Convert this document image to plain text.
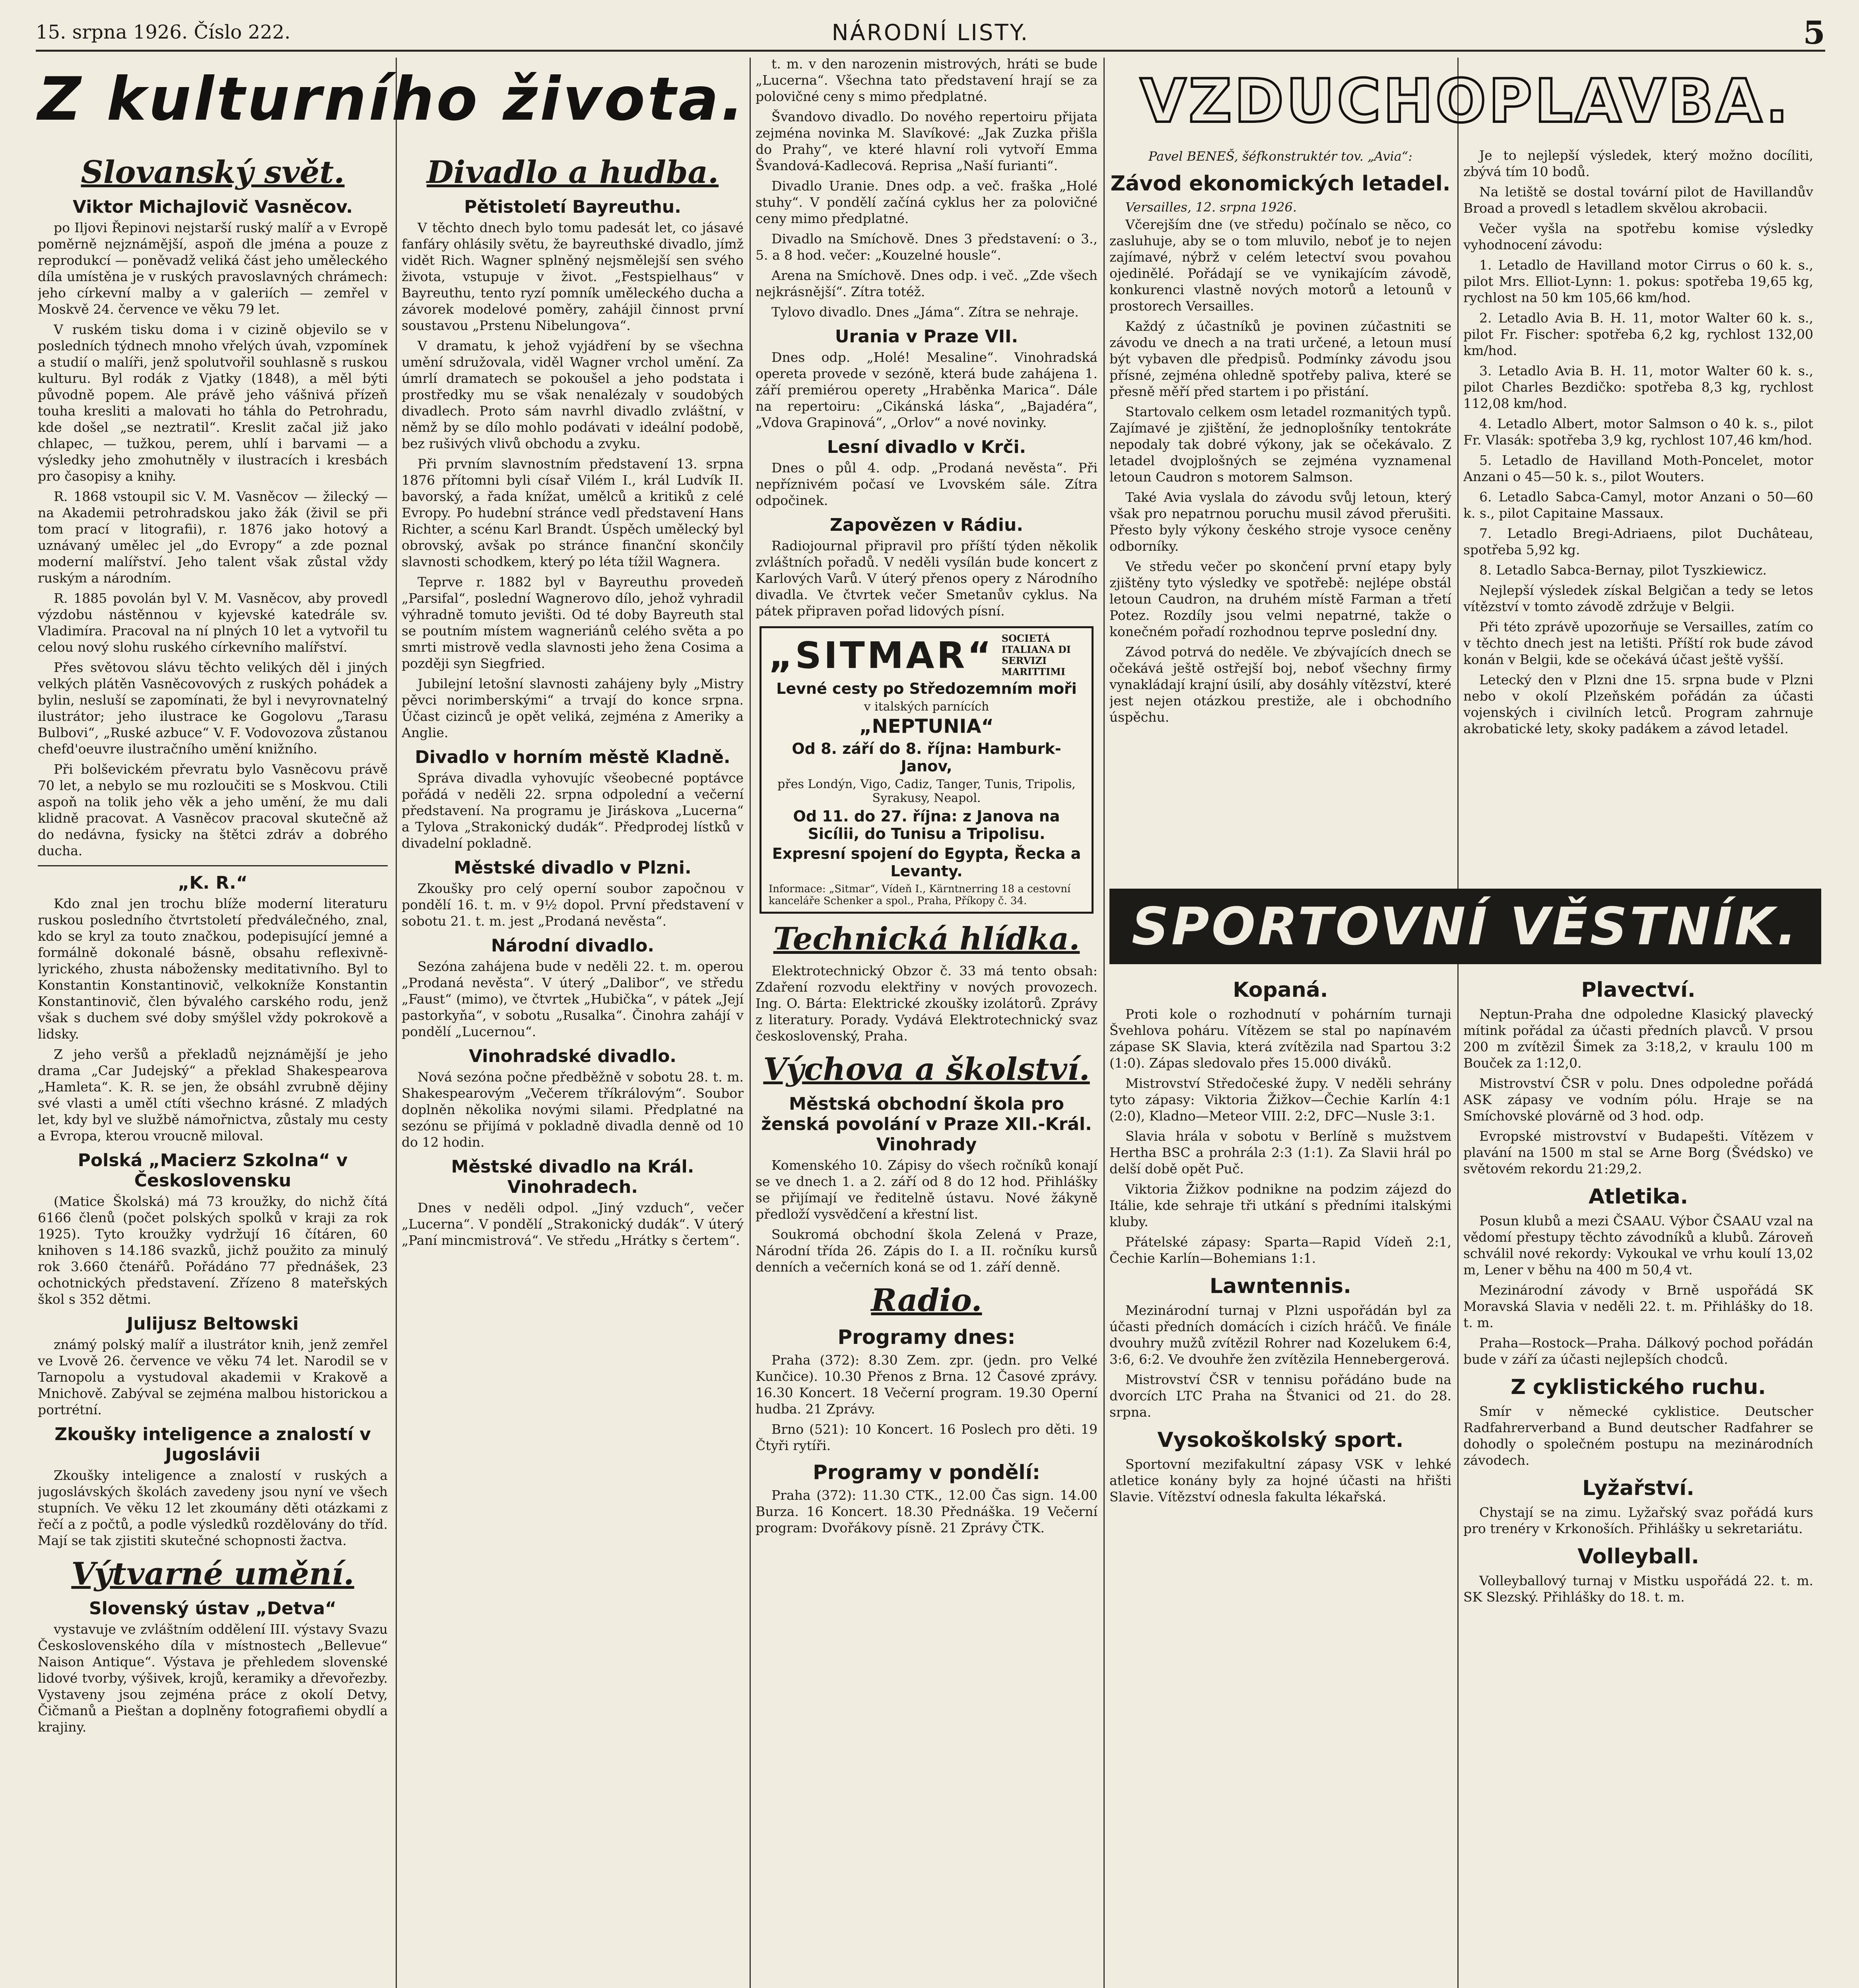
15. srpna 1926. Číslo 222.	NÁRODNÍ LISTY.	5
Z kulturního života.
Slovanský svět.
Viktor Michajlovič Vasněcov.

po Iljovi Řepinovi nejstarší ruský malíř a v Evropě poměrně nejznámější, aspoň dle jména a pouze z reprodukcí — poněvadž veliká část jeho uměleckého díla umístěna je v ruských pravoslavných chrámech: jeho církevní malby a v galeriích — zemřel v Moskvě 24. července ve věku 79 let.

V ruském tisku doma i v cizině objevilo se v posledních týdnech mnoho vřelých úvah, vzpomínek a studií o malíři, jenž spolutvořil souhlasně s ruskou kulturu. Byl rodák z Vjatky (1848), a měl býti původně popem. Ale právě jeho vášnivá přízeň touha kresliti a malovati ho táhla do Petrohradu, kde došel „se neztratil“. Kreslit začal již jako chlapec, — tužkou, perem, uhlí i barvami — a výsledky jeho zmohutněly v ilustracích i kresbách pro časopisy a knihy.

R. 1868 vstoupil sic V. M. Vasněcov — žilecký — na Akademii petrohradskou jako žák (živil se při tom prací v litografii), r. 1876 jako hotový a uznávaný umělec jel „do Evropy“ a zde poznal moderní malířství. Jeho talent však zůstal vždy ruským a národním.

R. 1885 povolán byl V. M. Vasněcov, aby provedl výzdobu nástěnnou v kyjevské katedrále sv. Vladimíra. Pracoval na ní plných 10 let a vytvořil tu celou nový slohu ruského církevního malířství.

Přes světovou slávu těchto velikých děl i jiných velkých plátěn Vasněcovových z ruských pohádek a bylin, nesluší se zapomínati, že byl i nevyrovnatelný ilustrátor; jeho ilustrace ke Gogolovu „Tarasu Bulbovi“, „Ruské azbuce“ V. F. Vodovozova zůstanou chefd'oeuvre ilustračního umění knižního.

Při bolševickém převratu bylo Vasněcovu právě 70 let, a nebylo se mu rozloučiti se s Moskvou. Ctili aspoň na tolik jeho věk a jeho umění, že mu dali klidně pracovat. A Vasněcov pracoval skutečně až do nedávna, fysicky na štětci zdráv a dobrého ducha.

„K. R.“

Kdo znal jen trochu blíže moderní literaturu ruskou posledního čtvrtstoletí předválečného, znal, kdo se kryl za touto značkou, podepisující jemné a formálně dokonalé básně, obsahu reflexivně-lyrického, zhusta nábožensky meditativního. Byl to Konstantin Konstantinovič, velkokníže Konstantin Konstantinovič, člen bývalého carského rodu, jenž však s duchem své doby smýšlel vždy pokrokově a lidsky.

Z jeho veršů a překladů nejznámější je jeho drama „Car Judejský“ a překlad Shakespearova „Hamleta“. K. R. se jen, že obsáhl zvrubně dějiny své vlasti a uměl ctíti všechno krásné. Z mladých let, kdy byl ve službě námořnictva, zůstaly mu cesty a Evropa, kterou vroucně miloval.

Polská „Macierz Szkolna“ v Československu

(Matice Školská) má 73 kroužky, do nichž čítá 6166 členů (počet polských spolků v kraji za rok 1925). Tyto kroužky vydržují 16 čítáren, 60 knihoven s 14.186 svazků, jichž použito za minulý rok 3.660 čtenářů. Pořádáno 77 přednášek, 23 ochotnických představení. Zřízeno 8 mateřských škol s 352 dětmi.

Julijusz Beltowski

známý polský malíř a ilustrátor knih, jenž zemřel ve Lvově 26. července ve věku 74 let. Narodil se v Tarnopolu a vystudoval akademii v Krakově a Mnichově. Zabýval se zejména malbou historickou a portrétní.

Zkoušky inteligence a znalostí v Jugoslávii

Zkoušky inteligence a znalostí v ruských a jugoslávských školách zavedeny jsou nyní ve všech stupních. Ve věku 12 let zkoumány děti otázkami z řečí a z počtů, a podle výsledků rozdělovány do tříd. Mají se tak zjistiti skutečné schopnosti žactva.

Výtvarné umění.
Slovenský ústav „Detva“

vystavuje ve zvláštním oddělení III. výstavy Svazu Československého díla v místnostech „Bellevue“ Naison Antique“. Výstava je přehledem slovenské lidové tvorby, výšivek, krojů, keramiky a dřevořezby. Vystaveny jsou zejména práce z okolí Detvy, Čičmanů a Pieštan a doplněny fotografiemi obydlí a krajiny.

Divadlo a hudba.
Pětistoletí Bayreuthu.

V těchto dnech bylo tomu padesát let, co jásavé fanfáry ohlásily světu, že bayreuthské divadlo, jímž vidět Rich. Wagner splněný nejsmělejší sen svého života, vstupuje v život. „Festspielhaus“ v Bayreuthu, tento ryzí pomník uměleckého ducha a závorek modelové poměry, zahájil činnost první soustavou „Prstenu Nibelungova“.

V dramatu, k jehož vyjádření by se všechna umění sdružovala, viděl Wagner vrchol umění. Za úmrlí dramatech se pokoušel a jeho podstata i prostředky mu se však nenalézaly v soudobých divadlech. Proto sám navrhl divadlo zvláštní, v němž by se dílo mohlo podávati v ideální podobě, bez rušivých vlivů obchodu a zvyku.

Při prvním slavnostním představení 13. srpna 1876 přítomni byli císař Vilém I., král Ludvík II. bavorský, a řada knížat, umělců a kritiků z celé Evropy. Po hudební stránce vedl představení Hans Richter, a scénu Karl Brandt. Úspěch umělecký byl obrovský, avšak po stránce finanční skončily slavnosti schodkem, který po léta tížil Wagnera.

Teprve r. 1882 byl v Bayreuthu provedeň „Parsifal“, poslední Wagnerovo dílo, jehož vyhradil výhradně tomuto jevišti. Od té doby Bayreuth stal se poutním místem wagneriánů celého světa a po smrti mistrově vedla slavnosti jeho žena Cosima a později syn Siegfried.

Jubilejní letošní slavnosti zahájeny byly „Mistry pěvci norimberskými“ a trvají do konce srpna. Účast cizinců je opět veliká, zejména z Ameriky a Anglie.

Divadlo v horním městě Kladně.

Správa divadla vyhovujíc všeobecné poptávce pořádá v neděli 22. srpna odpolední a večerní představení. Na programu je Jiráskova „Lucerna“ a Tylova „Strakonický dudák“. Předprodej lístků v divadelní pokladně.

Městské divadlo v Plzni.

Zkoušky pro celý operní soubor započnou v pondělí 16. t. m. v 9½ dopol. První představení v sobotu 21. t. m. jest „Prodaná nevěsta“.

Národní divadlo.

Sezóna zahájena bude v neděli 22. t. m. operou „Prodaná nevěsta“. V úterý „Dalibor“, ve středu „Faust“ (mimo), ve čtvrtek „Hubička“, v pátek „Její pastorkyňa“, v sobotu „Rusalka“. Činohra zahájí v pondělí „Lucernou“.

Vinohradské divadlo.

Nová sezóna počne předběžně v sobotu 28. t. m. Shakespearovým „Večerem tříkrálovým“. Soubor doplněn několika novými silami. Předplatné na sezónu se přijímá v pokladně divadla denně od 10 do 12 hodin.

Městské divadlo na Král. Vinohradech.

Dnes v neděli odpol. „Jiný vzduch“, večer „Lucerna“. V pondělí „Strakonický dudák“. V úterý „Paní mincmistrová“. Ve středu „Hrátky s čertem“.

t. m. v den narozenin mistrových, hráti se bude „Lucerna“. Všechna tato představení hrají se za polovičné ceny s mimo předplatné.

Švandovo divadlo. Do nového repertoiru přijata zejména novinka M. Slavíkové: „Jak Zuzka přišla do Prahy“, ve které hlavní roli vytvoří Emma Švandová-Kadlecová. Reprisa „Naší furianti“.

Divadlo Uranie. Dnes odp. a več. fraška „Holé stuhy“. V pondělí začíná cyklus her za polovičné ceny mimo předplatné.

Divadlo na Smíchově. Dnes 3 představení: o 3., 5. a 8 hod. večer: „Kouzelné housle“.

Arena na Smíchově. Dnes odp. i več. „Zde všech nejkrásnější“. Zítra totéž.

Tylovo divadlo. Dnes „Jáma“. Zítra se nehraje.

Urania v Praze VII.

Dnes odp. „Holé! Mesaline“. Vinohradská opereta provede v sezóně, která bude zahájena 1. září premiérou operety „Hraběnka Marica“. Dále na repertoiru: „Cikánská láska“, „Bajadéra“, „Vdova Grapinová“, „Orlov“ a nové novinky.

Lesní divadlo v Krči.

Dnes o půl 4. odp. „Prodaná nevěsta“. Při nepříznivém počasí ve Lvovském sále. Zítra odpočinek.

Zapovězen v Rádiu.

Radiojournal připravil pro příští týden několik zvláštních pořadů. V neděli vysílán bude koncert z Karlových Varů. V úterý přenos opery z Národního divadla. Ve čtvrtek večer Smetanův cyklus. Na pátek připraven pořad lidových písní.

„SITMAR“ SOCIETÁ ITALIANA DI SERVIZI MARITTIMI
Levné cesty po Středozemním moři
v italských parnících
„NEPTUNIA“
Od 8. září do 8. října: Hamburk-Janov,
přes Londýn, Vigo, Cadiz, Tanger, Tunis, Tripolis, Syrakusy, Neapol.
Od 11. do 27. října: z Janova na Sicílii, do Tunisu a Tripolisu.
Expresní spojení do Egypta, Řecka a Levanty.
Informace: „Sitmar“, Vídeň I., Kärntnerring 18 a cestovní kanceláře Schenker a spol., Praha, Příkopy č. 34.
Technická hlídka.

Elektrotechnický Obzor č. 33 má tento obsah: Zdaření rozvodu elektřiny v nových provozech. Ing. O. Bárta: Elektrické zkoušky izolátorů. Zprávy z literatury. Porady. Vydává Elektrotechnický svaz československý, Praha.

Výchova a školství.
Městská obchodní škola pro ženská povolání v Praze XII.-Král. Vinohrady

Komenského 10. Zápisy do všech ročníků konají se ve dnech 1. a 2. září od 8 do 12 hod. Přihlášky se přijímají ve ředitelně ústavu. Nové žákyně předloží vysvědčení a křestní list.

Soukromá obchodní škola Zelená v Praze, Národní třída 26. Zápis do I. a II. ročníku kursů denních a večerních koná se od 1. září denně.

Radio.
Programy dnes:

Praha (372): 8.30 Zem. zpr. (jedn. pro Velké Kunčice). 10.30 Přenos z Brna. 12 Časové zprávy. 16.30 Koncert. 18 Večerní program. 19.30 Operní hudba. 21 Zprávy.

Brno (521): 10 Koncert. 16 Poslech pro děti. 19 Čtyři rytíři.

Programy v pondělí:

Praha (372): 11.30 CTK., 12.00 Čas sign. 14.00 Burza. 16 Koncert. 18.30 Přednáška. 19 Večerní program: Dvořákovy písně. 21 Zprávy ČTK.

VZDUCHOPLAVBA.
Pavel BENEŠ, šéfkonstruktér tov. „Avia“:
Závod ekonomických letadel.
Versailles, 12. srpna 1926.

Včerejším dne (ve středu) počínalo se něco, co zasluhuje, aby se o tom mluvilo, neboť je to nejen zajímavé, nýbrž v celém letectví svou povahou ojedinělé. Pořádají se ve vynikajícím závodě, konkurenci vlastně nových motorů a letounů v prostorech Versailles.

Každý z účastníků je povinen zúčastniti se závodu ve dnech a na trati určené, a letoun musí být vybaven dle předpisů. Podmínky závodu jsou přísné, zejména ohledně spotřeby paliva, které se přesně měří před startem i po přistání.

Startovalo celkem osm letadel rozmanitých typů. Zajímavé je zjištění, že jednoplošníky tentokráte nepodaly tak dobré výkony, jak se očekávalo. Z letadel dvojplošných se zejména vyznamenal letoun Caudron s motorem Salmson.

Také Avia vyslala do závodu svůj letoun, který však pro nepatrnou poruchu musil závod přerušiti. Přesto byly výkony českého stroje vysoce ceněny odborníky.

Ve středu večer po skončení první etapy byly zjištěny tyto výsledky ve spotřebě: nejlépe obstál letoun Caudron, na druhém místě Farman a třetí Potez. Rozdíly jsou velmi nepatrné, takže o konečném pořadí rozhodnou teprve poslední dny.

Závod potrvá do neděle. Ve zbývajících dnech se očekává ještě ostřejší boj, neboť všechny firmy vynakládají krajní úsilí, aby dosáhly vítězství, které jest nejen otázkou prestiže, ale i obchodního úspěchu.

Je to nejlepší výsledek, který možno docíliti, zbývá tím 10 bodů.

Na letiště se dostal tovární pilot de Havillandův Broad a provedl s letadlem skvělou akrobacii.

Večer vyšla na spotřebu komise výsledky vyhodnocení závodu:

1. Letadlo de Havilland motor Cirrus o 60 k. s., pilot Mrs. Elliot-Lynn: 1. pokus: spotřeba 19,65 kg, rychlost na 50 km 105,66 km/hod.

2. Letadlo Avia B. H. 11, motor Walter 60 k. s., pilot Fr. Fischer: spotřeba 6,2 kg, rychlost 132,00 km/hod.

3. Letadlo Avia B. H. 11, motor Walter 60 k. s., pilot Charles Bezdičko: spotřeba 8,3 kg, rychlost 112,08 km/hod.

4. Letadlo Albert, motor Salmson o 40 k. s., pilot Fr. Vlasák: spotřeba 3,9 kg, rychlost 107,46 km/hod.

5. Letadlo de Havilland Moth-Poncelet, motor Anzani o 45—50 k. s., pilot Wouters.

6. Letadlo Sabca-Camyl, motor Anzani o 50—60 k. s., pilot Capitaine Massaux.

7. Letadlo Bregi-Adriaens, pilot Duchâteau, spotřeba 5,92 kg.

8. Letadlo Sabca-Bernay, pilot Tyszkiewicz.

Nejlepší výsledek získal Belgičan a tedy se letos vítězství v tomto závodě zdržuje v Belgii.

Při této zprávě upozorňuje se Versailles, zatím co v těchto dnech jest na letišti. Příští rok bude závod konán v Belgii, kde se očekává účast ještě vyšší.

Letecký den v Plzni dne 15. srpna bude v Plzni nebo v okolí Plzeňském pořádán za účasti vojenských i civilních letců. Program zahrnuje akrobatické lety, skoky padákem a závod letadel.

SPORTOVNÍ VĚSTNÍK.
Kopaná.

Proti kole o rozhodnutí v pohárním turnaji Švehlova poháru. Vítězem se stal po napínavém zápase SK Slavia, která zvítězila nad Spartou 3:2 (1:0). Zápas sledovalo přes 15.000 diváků.

Mistrovství Středočeské župy. V neděli sehrány tyto zápasy: Viktoria Žižkov—Čechie Karlín 4:1 (2:0), Kladno—Meteor VIII. 2:2, DFC—Nusle 3:1.

Slavia hrála v sobotu v Berlíně s mužstvem Hertha BSC a prohrála 2:3 (1:1). Za Slavii hrál po delší době opět Puč.

Viktoria Žižkov podnikne na podzim zájezd do Itálie, kde sehraje tři utkání s předními italskými kluby.

Přátelské zápasy: Sparta—Rapid Vídeň 2:1, Čechie Karlín—Bohemians 1:1.

Lawntennis.

Mezinárodní turnaj v Plzni uspořádán byl za účasti předních domácích i cizích hráčů. Ve finále dvouhry mužů zvítězil Rohrer nad Kozelukem 6:4, 3:6, 6:2. Ve dvouhře žen zvítězila Hennebergerová.

Mistrovství ČSR v tennisu pořádáno bude na dvorcích LTC Praha na Štvanici od 21. do 28. srpna.

Vysokoškolský sport.

Sportovní mezifakultní zápasy VSK v lehké atletice konány byly za hojné účasti na hřišti Slavie. Vítězství odnesla fakulta lékařská.

Plavectví.

Neptun-Praha dne odpoledne Klasický plavecký mítink pořádal za účasti předních plavců. V prsou 200 m zvítězil Šimek za 3:18,2, v kraulu 100 m Bouček za 1:12,0.

Mistrovství ČSR v polu. Dnes odpoledne pořádá ASK zápasy ve vodním pólu. Hraje se na Smíchovské plovárně od 3 hod. odp.

Evropské mistrovství v Budapešti. Vítězem v plavání na 1500 m stal se Arne Borg (Švédsko) ve světovém rekordu 21:29,2.

Atletika.

Posun klubů a mezi ČSAAU. Výbor ČSAAU vzal na vědomí přestupy těchto závodníků a klubů. Zároveň schválil nové rekordy: Vykoukal ve vrhu koulí 13,02 m, Lener v běhu na 400 m 50,4 vt.

Mezinárodní závody v Brně uspořádá SK Moravská Slavia v neděli 22. t. m. Přihlášky do 18. t. m.

Praha—Rostock—Praha. Dálkový pochod pořádán bude v září za účasti nejlepších chodců.

Z cyklistického ruchu.

Smír v německé cyklistice. Deutscher Radfahrerverband a Bund deutscher Radfahrer se dohodly o společném postupu na mezinárodních závodech.

Lyžařství.

Chystají se na zimu. Lyžařský svaz pořádá kurs pro trenéry v Krkonoších. Přihlášky u sekretariátu.

Volleyball.

Volleyballový turnaj v Mistku uspořádá 22. t. m. SK Slezský. Přihlášky do 18. t. m.
